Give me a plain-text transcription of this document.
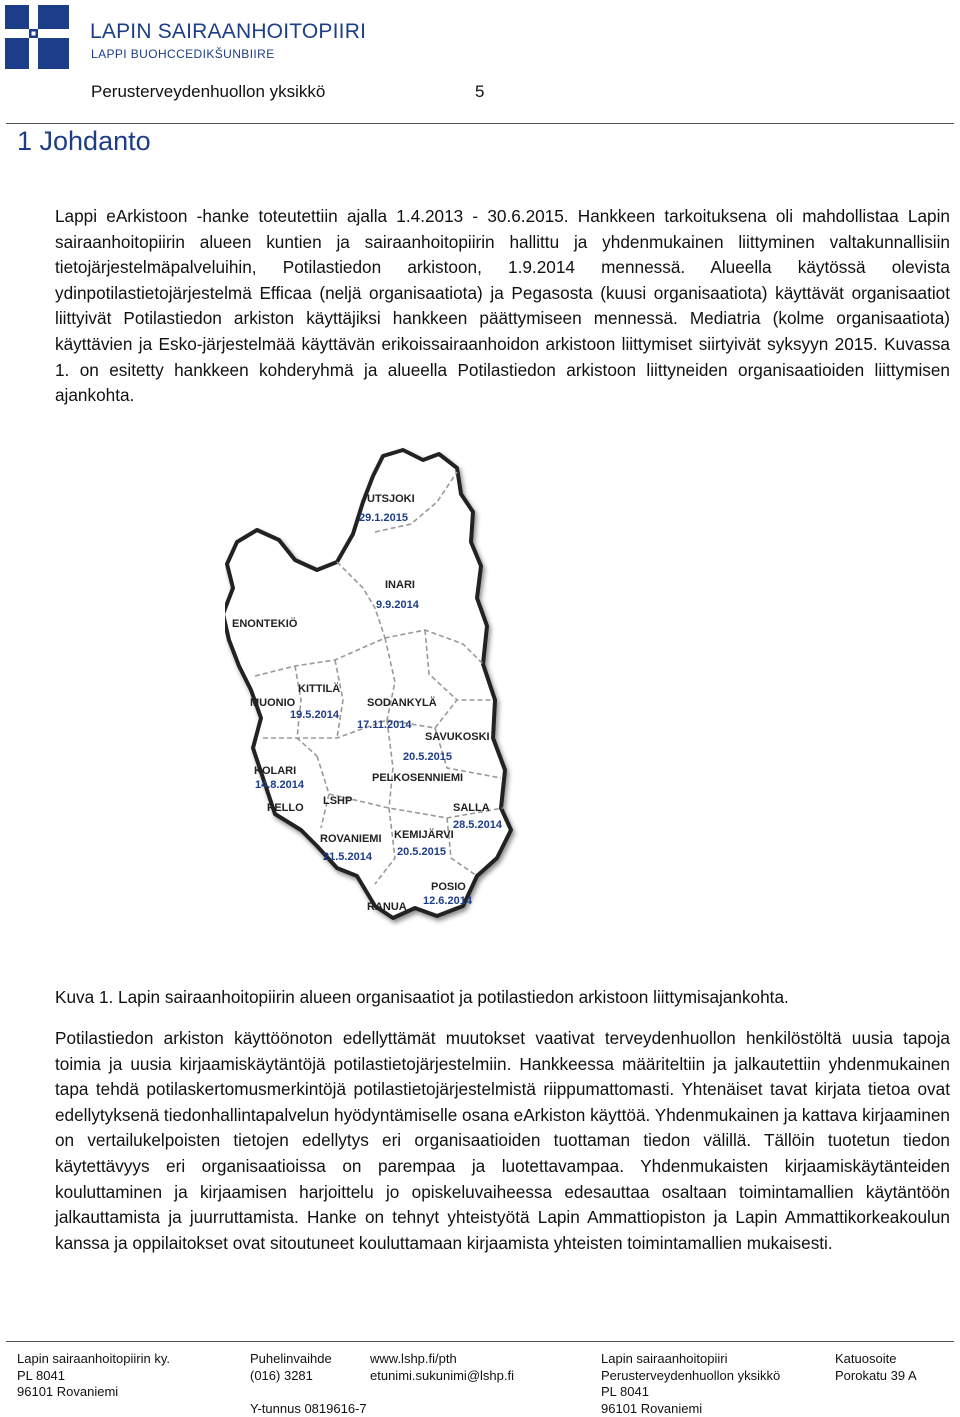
LAPIN SAIRAANHOITOPIIRI
LAPPI BUOHCCEDIKŠUNBIIRE
Perusterveydenhuollon yksikkö	5
1 Johdanto
Lappi eArkistoon -hanke toteutettiin ajalla 1.4.2013 - 30.6.2015. Hankkeen tarkoituksena oli mahdollistaa Lapin sairaanhoitopiirin alueen kuntien ja sairaanhoitopiirin hallittu ja yhdenmukainen liittyminen valtakunnallisiin tietojärjestelmäpalveluihin, Potilastiedon arkistoon, 1.9.2014 mennessä. Alueella käytössä olevista ydinpotilastietojärjestelmä Efficaa (neljä organisaatiota) ja Pegasosta (kuusi organisaatiota) käyttävät organisaatiot liittyivät Potilastiedon arkiston käyttäjiksi hankkeen päättymiseen mennessä. Mediatria (kolme organisaatiota) käyttävien ja Esko-järjestelmää käyttävän erikoissairaanhoidon arkistoon liittymiset siirtyivät syksyyn 2015. Kuvassa 1. on esitetty hankkeen kohderyhmä ja alueella Potilastiedon arkistoon liittyneiden organisaatioiden liittymisen ajankohta.
UTSJOKI
29.1.2015
INARI
9.9.2014
ENONTEKIÖ
KITTILÄ
MUONIO
19.5.2014
SODANKYLÄ
17.11.2014
SAVUKOSKI
20.5.2015
PELKOSENNIEMI
KOLARI
14.8.2014
PELLO
LSHP
SALLA
28.5.2014
ROVANIEMI
21.5.2014
KEMIJÄRVI
20.5.2015
POSIO
12.6.2014
RANUA
Kuva 1. Lapin sairaanhoitopiirin alueen organisaatiot ja potilastiedon arkistoon liittymisajankohta.
Potilastiedon arkiston käyttöönoton edellyttämät muutokset vaativat terveydenhuollon henkilöstöltä uusia tapoja toimia ja uusia kirjaamiskäytäntöjä potilastietojärjestelmiin. Hankkeessa määriteltiin ja jalkautettiin yhdenmukainen tapa tehdä potilaskertomusmerkintöjä potilastietojärjestelmistä riippumattomasti. Yhtenäiset tavat kirjata tietoa ovat edellytyksenä tiedonhallintapalvelun hyödyntämiselle osana eArkiston käyttöä. Yhdenmukainen ja kattava kirjaaminen on vertailukelpoisten tietojen edellytys eri organisaatioiden tuottaman tiedon välillä. Tällöin tuotetun tiedon käytettävyys eri organisaatioissa on parempaa ja luotettavampaa. Yhdenmukaisten kirjaamiskäytänteiden kouluttaminen ja kirjaamisen harjoittelu jo opiskeluvaiheessa edesauttaa osaltaan toimintamallien käytäntöön jalkauttamista ja juurruttamista. Hanke on tehnyt yhteistyötä Lapin Ammattiopiston ja Lapin Ammattikorkeakoulun kanssa ja oppilaitokset ovat sitoutuneet kouluttamaan kirjaamista yhteisten toimintamallien mukaisesti.
Lapin sairaanhoitopiirin ky.
PL 8041
96101 Rovaniemi
Puhelinvaihde
(016) 3281
Y-tunnus 0819616-7
www.lshp.fi/pth
etunimi.sukunimi@lshp.fi
Lapin sairaanhoitopiiri
Perusterveydenhuollon yksikkö
PL 8041
96101 Rovaniemi
Katuosoite
Porokatu 39 A
